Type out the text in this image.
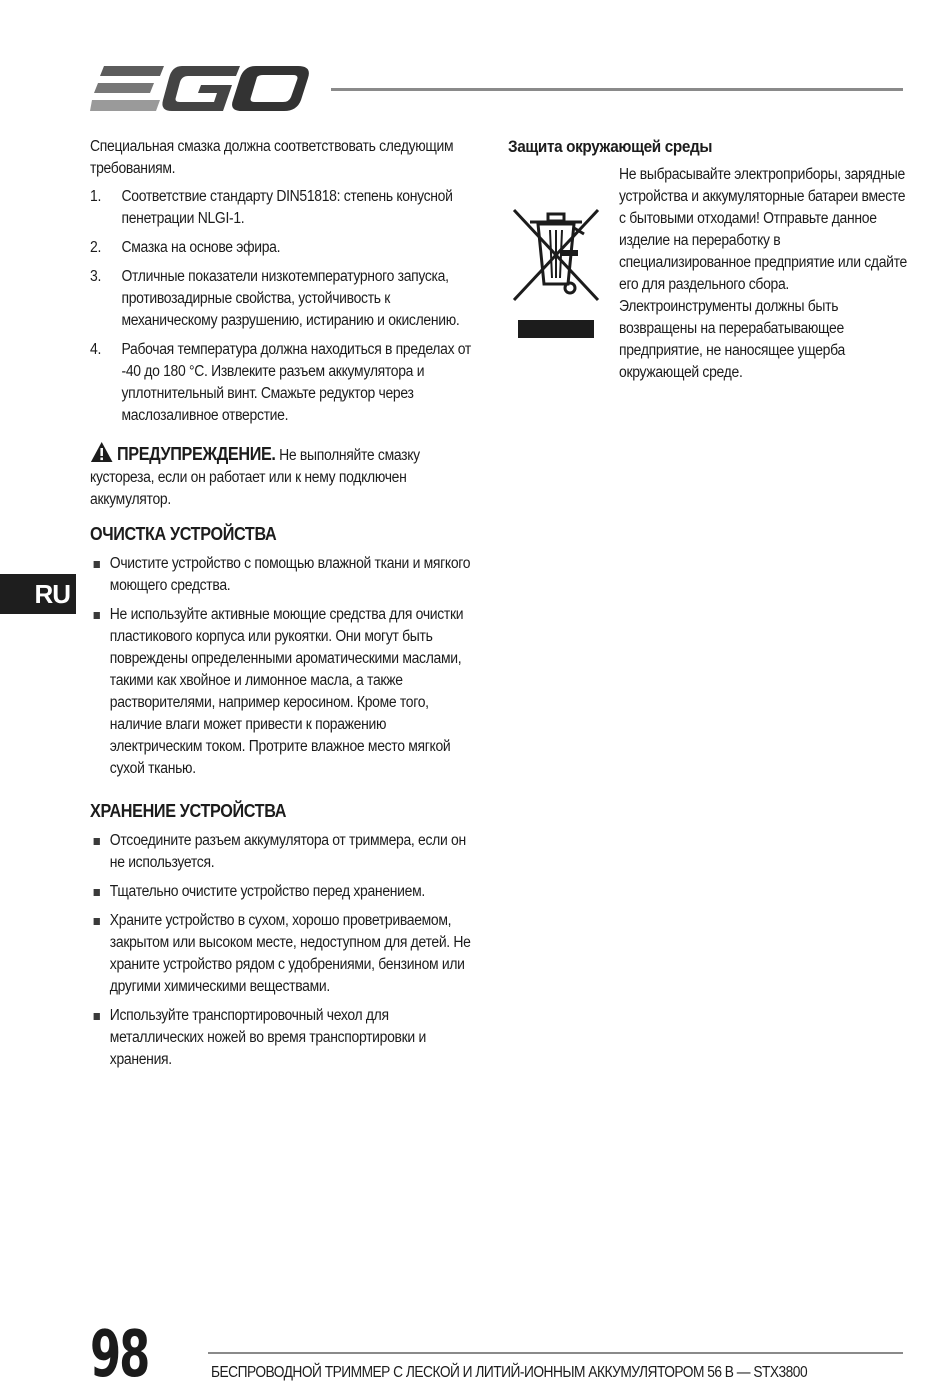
Специальная смазка должна соответствовать следующим требованиям.

1. Соответствие стандарту DIN51818: степень конусной пенетрации NLGI-1.
2. Смазка на основе эфира.
3. Отличные показатели низкотемпературного запуска, противозадирные свойства, устойчивость к механическому разрушению, истиранию и окислению.
4. Рабочая температура должна находиться в пределах от -40 до 180 °C. Извлеките разъем аккумулятора и уплотнительный винт. Смажьте редуктор через маслозаливное отверстие.

ПРЕДУПРЕЖДЕНИЕ. Не выполняйте смазку кустореза, если он работает или к нему подключен аккумулятор.

ОЧИСТКА УСТРОЙСТВА
Очистите устройство с помощью влажной ткани и мягкого моющего средства.
Не используйте активные моющие средства для очистки пластикового корпуса или рукоятки. Они могут быть повреждены определенными ароматическими маслами, такими как хвойное и лимонное масла, а также растворителями, например керосином. Кроме того, наличие влаги может привести к поражению электрическим током. Протрите влажное место мягкой сухой тканью.
ХРАНЕНИЕ УСТРОЙСТВА
Отсоедините разъем аккумулятора от триммера, если он не используется.
Тщательно очистите устройство перед хранением.
Храните устройство в сухом, хорошо проветриваемом, закрытом или высоком месте, недоступном для детей. Не храните устройство рядом с удобрениями, бензином или другими химическими веществами.
Используйте транспортировочный чехол для металлических ножей во время транспортировки и хранения.
Защита окружающей среды

Не выбрасывайте электроприборы, зарядные устройства и аккумуляторные батареи вместе с бытовыми отходами! Отправьте данное изделие на переработку в специализированное предприятие или сдайте его для раздельного сбора. Электроинструменты должны быть возвращены на перерабатывающее предприятие, не наносящее ущерба окружающей среде.

RU
98	БЕСПРОВОДНОЙ ТРИММЕР С ЛЕСКОЙ И ЛИТИЙ-ИОННЫМ АККУМУЛЯТОРОМ 56 В — STX3800
